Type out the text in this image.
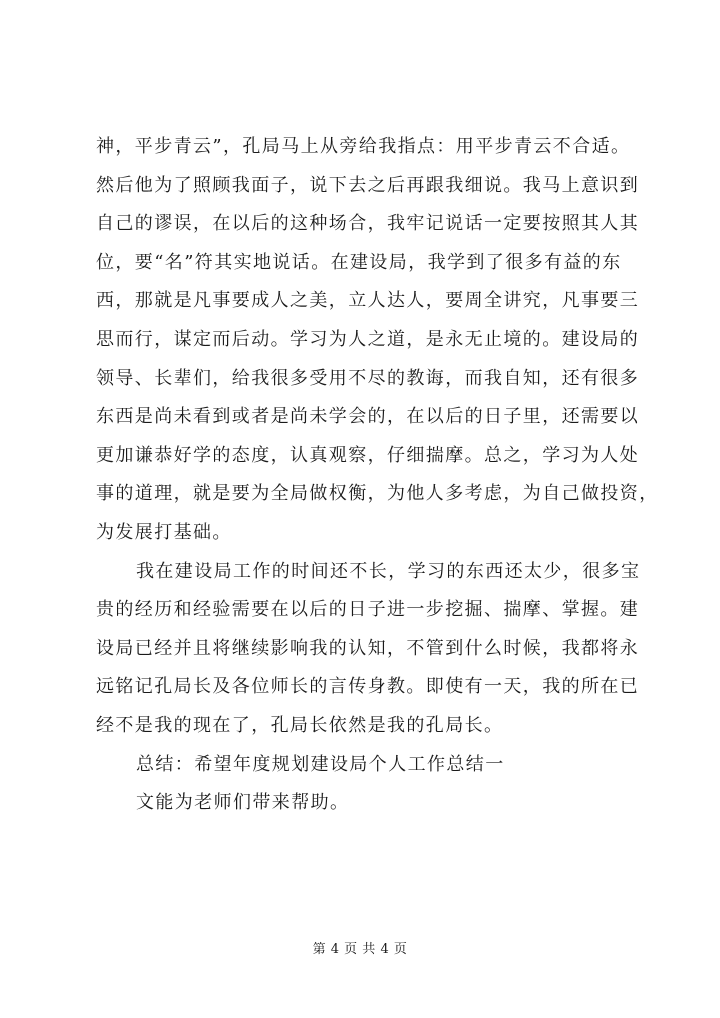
神，平步青云”，孔局马上从旁给我指点：用平步青云不合适。
然后他为了照顾我面子，说下去之后再跟我细说。我马上意识到
自己的谬误，在以后的这种场合，我牢记说话一定要按照其人其
位，要“名”符其实地说话。在建设局，我学到了很多有益的东
西，那就是凡事要成人之美，立人达人，要周全讲究，凡事要三
思而行，谋定而后动。学习为人之道，是永无止境的。建设局的
领导、长辈们，给我很多受用不尽的教诲，而我自知，还有很多
东西是尚未看到或者是尚未学会的，在以后的日子里，还需要以
更加谦恭好学的态度，认真观察，仔细揣摩。总之，学习为人处
事的道理，就是要为全局做权衡，为他人多考虑，为自己做投资，
为发展打基础。
我在建设局工作的时间还不长，学习的东西还太少，很多宝
贵的经历和经验需要在以后的日子进一步挖掘、揣摩、掌握。建
设局已经并且将继续影响我的认知，不管到什么时候，我都将永
远铭记孔局长及各位师长的言传身教。即使有一天，我的所在已
经不是我的现在了，孔局长依然是我的孔局长。
总结：希望年度规划建设局个人工作总结一
文能为老师们带来帮助。
第 4 页 共 4 页
